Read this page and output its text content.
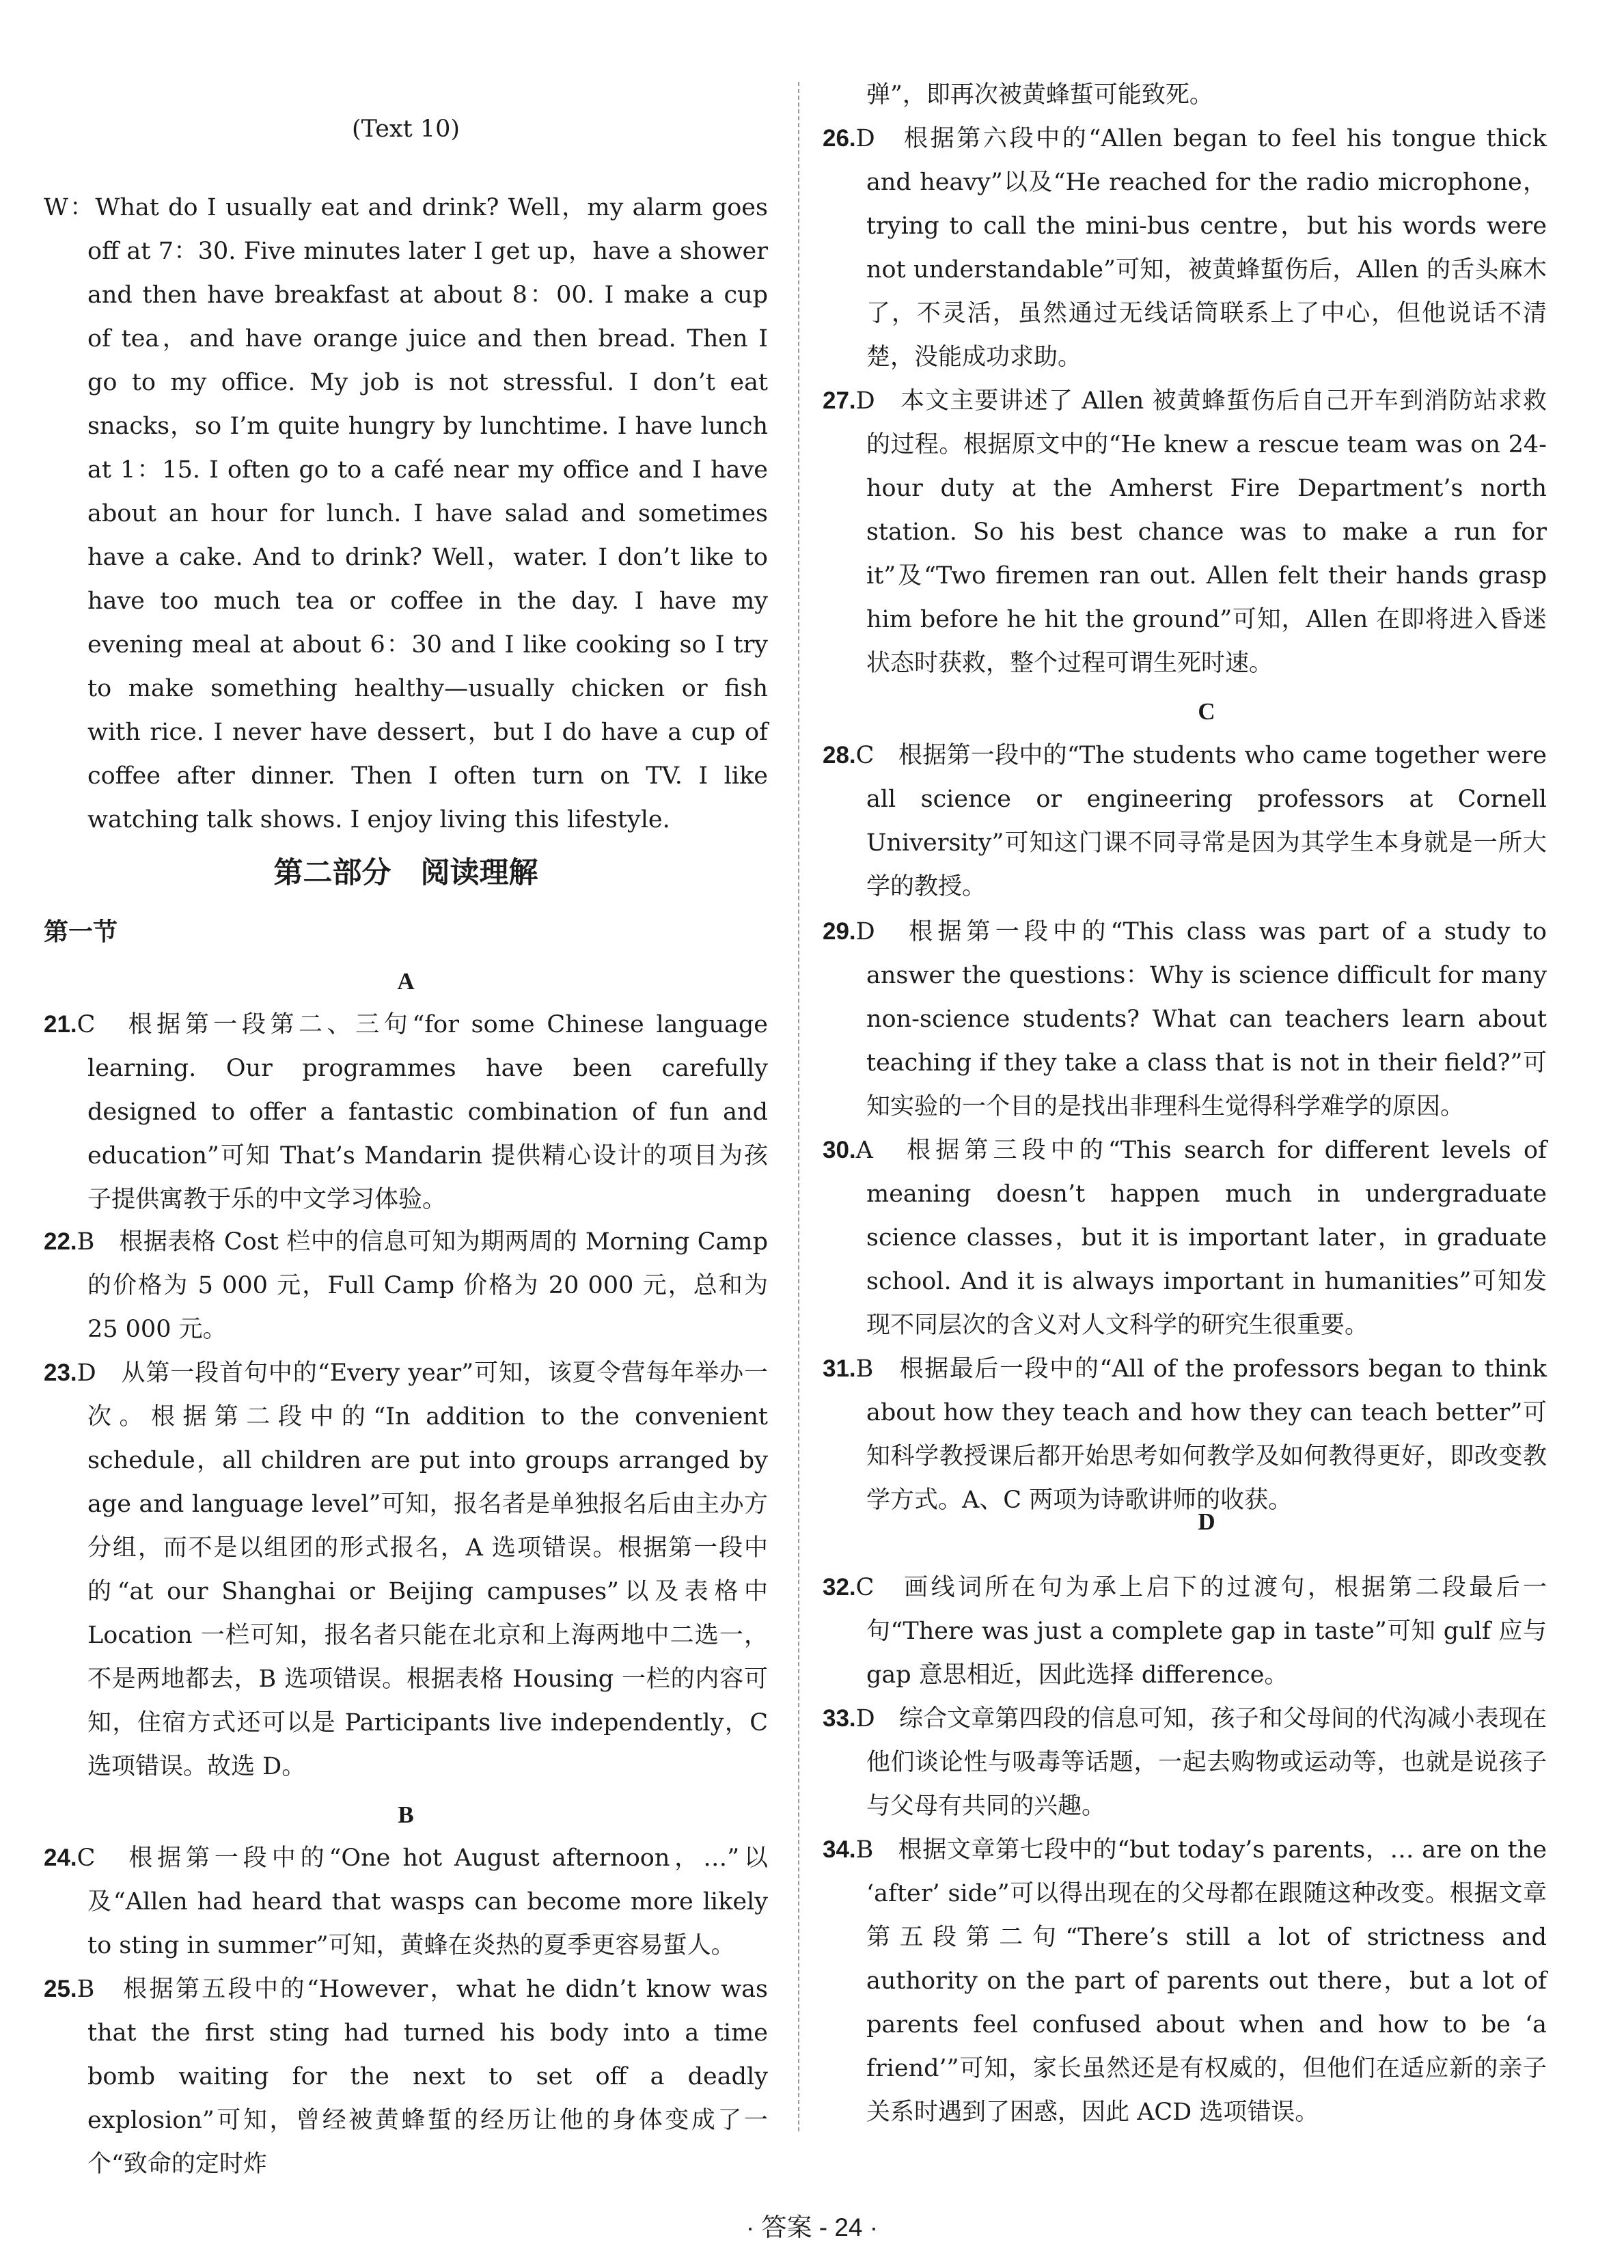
(Text 10)
W：What do I usually eat and drink? Well，my alarm goes off at 7：30. Five minutes later I get up，have a shower and then have breakfast at about 8：00. I make a cup of tea，and have orange juice and then bread. Then I go to my office. My job is not stressful. I don’t eat snacks，so I’m quite hungry by lunchtime. I have lunch at 1：15. I often go to a café near my office and I have about an hour for lunch. I have salad and sometimes have a cake. And to drink? Well，water. I don’t like to have too much tea or coffee in the day. I have my evening meal at about 6：30 and I like cooking so I try to make something healthy—usually chicken or fish with rice. I never have dessert，but I do have a cup of coffee after dinner. Then I often turn on TV. I like watching talk shows. I enjoy living this lifestyle.
第二部分　阅读理解
第一节
A
21.C　根据第一段第二、三句“for some Chinese language learning. Our programmes have been carefully designed to offer a fantastic combination of fun and education”可知 That’s Mandarin 提供精心设计的项目为孩子提供寓教于乐的中文学习体验。
22.B　根据表格 Cost 栏中的信息可知为期两周的 Morning Camp 的价格为 5 000 元，Full Camp 价格为 20 000 元，总和为 25 000 元。
23.D　从第一段首句中的“Every year”可知，该夏令营每年举办一次。根据第二段中的“In addition to the convenient schedule，all children are put into groups arranged by age and language level”可知，报名者是单独报名后由主办方分组，而不是以组团的形式报名，A 选项错误。根据第一段中的“at our Shanghai or Beijing campuses”以及表格中 Location 一栏可知，报名者只能在北京和上海两地中二选一，不是两地都去，B 选项错误。根据表格 Housing 一栏的内容可知，住宿方式还可以是 Participants live independently，C 选项错误。故选 D。
B
24.C　根据第一段中的“One hot August afternoon，…”以及“Allen had heard that wasps can become more likely to sting in summer”可知，黄蜂在炎热的夏季更容易蜇人。
25.B　根据第五段中的“However，what he didn’t know was that the first sting had turned his body into a time bomb waiting for the next to set off a deadly explosion”可知，曾经被黄蜂蜇的经历让他的身体变成了一个“致命的定时炸
弹”，即再次被黄蜂蜇可能致死。
26.D　根据第六段中的“Allen began to feel his tongue thick and heavy”以及“He reached for the radio microphone，trying to call the mini-bus centre，but his words were not understandable”可知，被黄蜂蜇伤后，Allen 的舌头麻木了，不灵活，虽然通过无线话筒联系上了中心，但他说话不清楚，没能成功求助。
27.D　本文主要讲述了 Allen 被黄蜂蜇伤后自己开车到消防站求救的过程。根据原文中的“He knew a rescue team was on 24-hour duty at the Amherst Fire Department’s north station. So his best chance was to make a run for it”及“Two firemen ran out. Allen felt their hands grasp him before he hit the ground”可知，Allen 在即将进入昏迷状态时获救，整个过程可谓生死时速。
C
28.C　根据第一段中的“The students who came together were all science or engineering professors at Cornell University”可知这门课不同寻常是因为其学生本身就是一所大学的教授。
29.D　根据第一段中的“This class was part of a study to answer the questions：Why is science difficult for many non-science students? What can teachers learn about teaching if they take a class that is not in their field?”可知实验的一个目的是找出非理科生觉得科学难学的原因。
30.A　根据第三段中的“This search for different levels of meaning doesn’t happen much in undergraduate science classes，but it is important later，in graduate school. And it is always important in humanities”可知发现不同层次的含义对人文科学的研究生很重要。
31.B　根据最后一段中的“All of the professors began to think about how they teach and how they can teach better”可知科学教授课后都开始思考如何教学及如何教得更好，即改变教学方式。A、C 两项为诗歌讲师的收获。
D
32.C　画线词所在句为承上启下的过渡句，根据第二段最后一句“There was just a complete gap in taste”可知 gulf 应与 gap 意思相近，因此选择 difference。
33.D　综合文章第四段的信息可知，孩子和父母间的代沟减小表现在他们谈论性与吸毒等话题，一起去购物或运动等，也就是说孩子与父母有共同的兴趣。
34.B　根据文章第七段中的“but today’s parents，… are on the ‘after’ side”可以得出现在的父母都在跟随这种改变。根据文章第五段第二句“There’s still a lot of strictness and authority on the part of parents out there，but a lot of parents feel confused about when and how to be ‘a friend’”可知，家长虽然还是有权威的，但他们在适应新的亲子关系时遇到了困惑，因此 ACD 选项错误。
· 答案 - 24 ·
